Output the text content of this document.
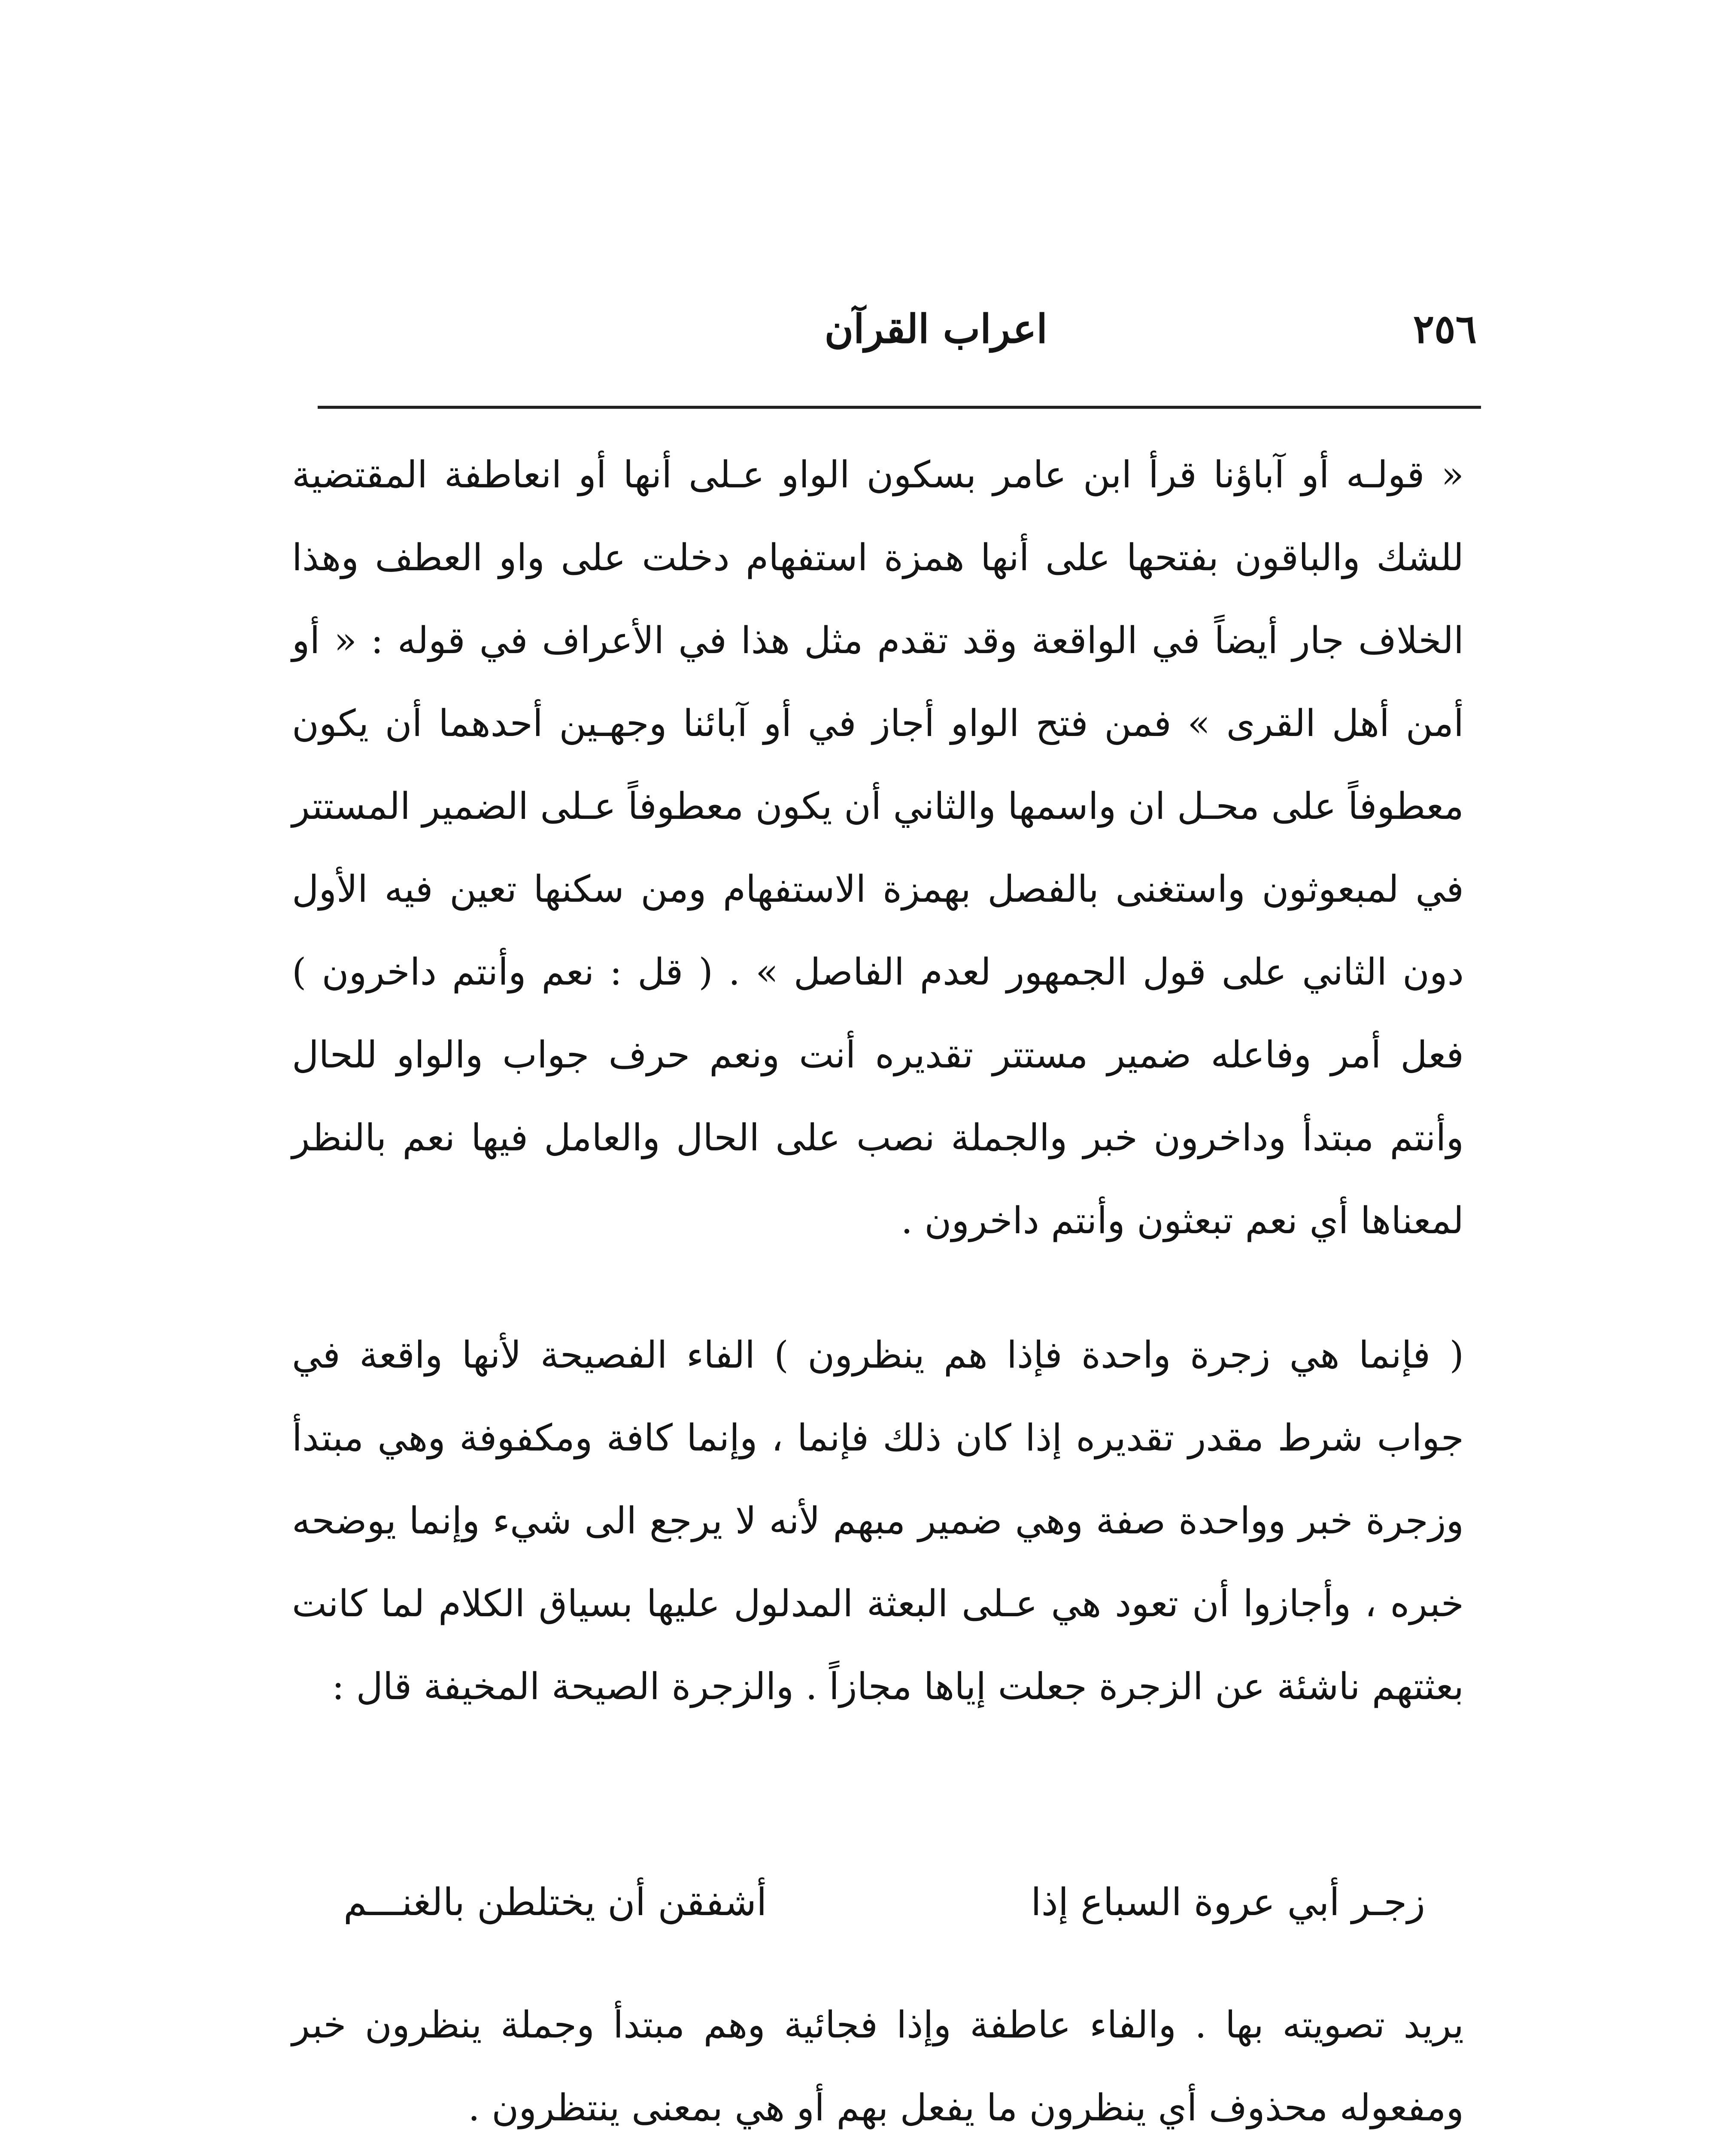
٢٥٦
اعراب القرآن

« قولـه أو آباؤنا قرأ ابن عامر بسكون الواو عـلى أنها أو انعاطفة المقتضية للشك والباقون بفتحها على أنها همزة استفهام دخلت على واو العطف وهذا الخلاف جار أيضاً في الواقعة وقد تقدم مثل هذا في الأعراف في قوله : « أو أمن أهل القرى » فمن فتح الواو أجاز في أو آبائنا وجهـين أحدهما أن يكون معطوفاً على محـل ان واسمها والثاني أن يكون معطوفاً عـلى الضمير المستتر في لمبعوثون واستغنى بالفصل بهمزة الاستفهام ومن سكنها تعين فيه الأول دون الثاني على قول الجمهور لعدم الفاصل » . ( قل : نعم وأنتم داخرون ) فعل أمر وفاعله ضمير مستتر تقديره أنت ونعم حرف جواب والواو للحال وأنتم مبتدأ وداخرون خبر والجملة نصب على الحال والعامل فيها نعم بالنظر لمعناها أي نعم تبعثون وأنتم داخرون .

( فإنما هي زجرة واحدة فإذا هم ينظرون ) الفاء الفصيحة لأنها واقعة في جواب شرط مقدر تقديره إذا كان ذلك فإنما ، وإنما كافة ومكفوفة وهي مبتدأ وزجرة خبر وواحدة صفة وهي ضمير مبهم لأنه لا يرجع الى شيء وإنما يوضحه خبره ، وأجازوا أن تعود هي عـلى البعثة المدلول عليها بسياق الكلام لما كانت بعثتهم ناشئة عن الزجرة جعلت إياها مجازاً . والزجرة الصيحة المخيفة قال :

زجـر أبي عروة السباع إذا
أشفقن أن يختلطن بالغنـــم

يريد تصويته بها . والفاء عاطفة وإذا فجائية وهم مبتدأ وجملة ينظرون خبر ومفعوله محذوف أي ينظرون ما يفعل بهم أو هي بمعنى ينتظرون .
